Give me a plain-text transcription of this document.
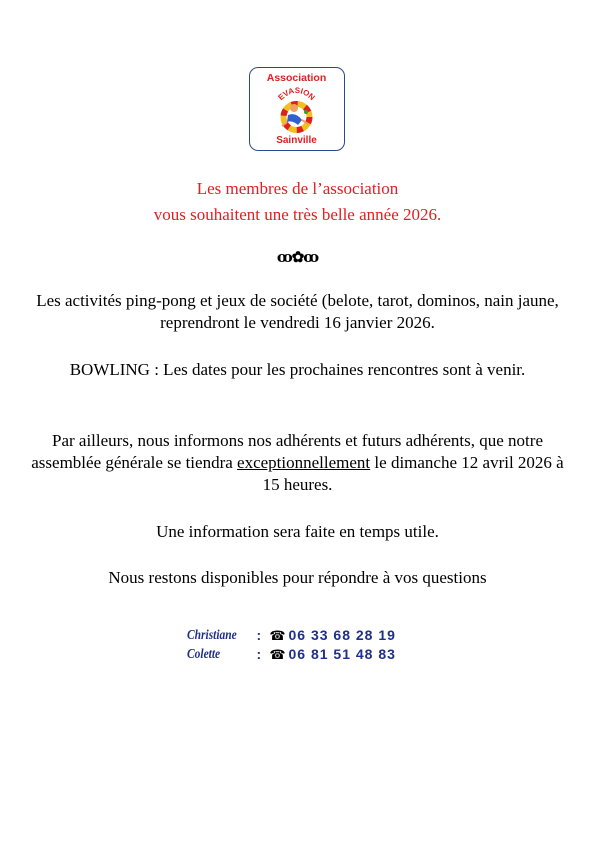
Association
EVASION
Sainville
Les membres de l’association
vous souhaitent une très belle année 2026.
ꝏ✿ꝏ
Les activités ping-pong et jeux de société (belote, tarot, dominos, nain jaune, reprendront le vendredi 16 janvier 2026.
BOWLING : Les dates pour les prochaines rencontres sont à venir.
Par ailleurs, nous informons nos adhérents et futurs adhérents, que notre assemblée générale se tiendra exceptionnellement le dimanche 12 avril 2026 à 15 heures.
Une information sera faite en temps utile.
Nous restons disponibles pour répondre à vos questions
Christiane	: ☎ 06 33 68 28 19
Colette	: ☎ 06 81 51 48 83
